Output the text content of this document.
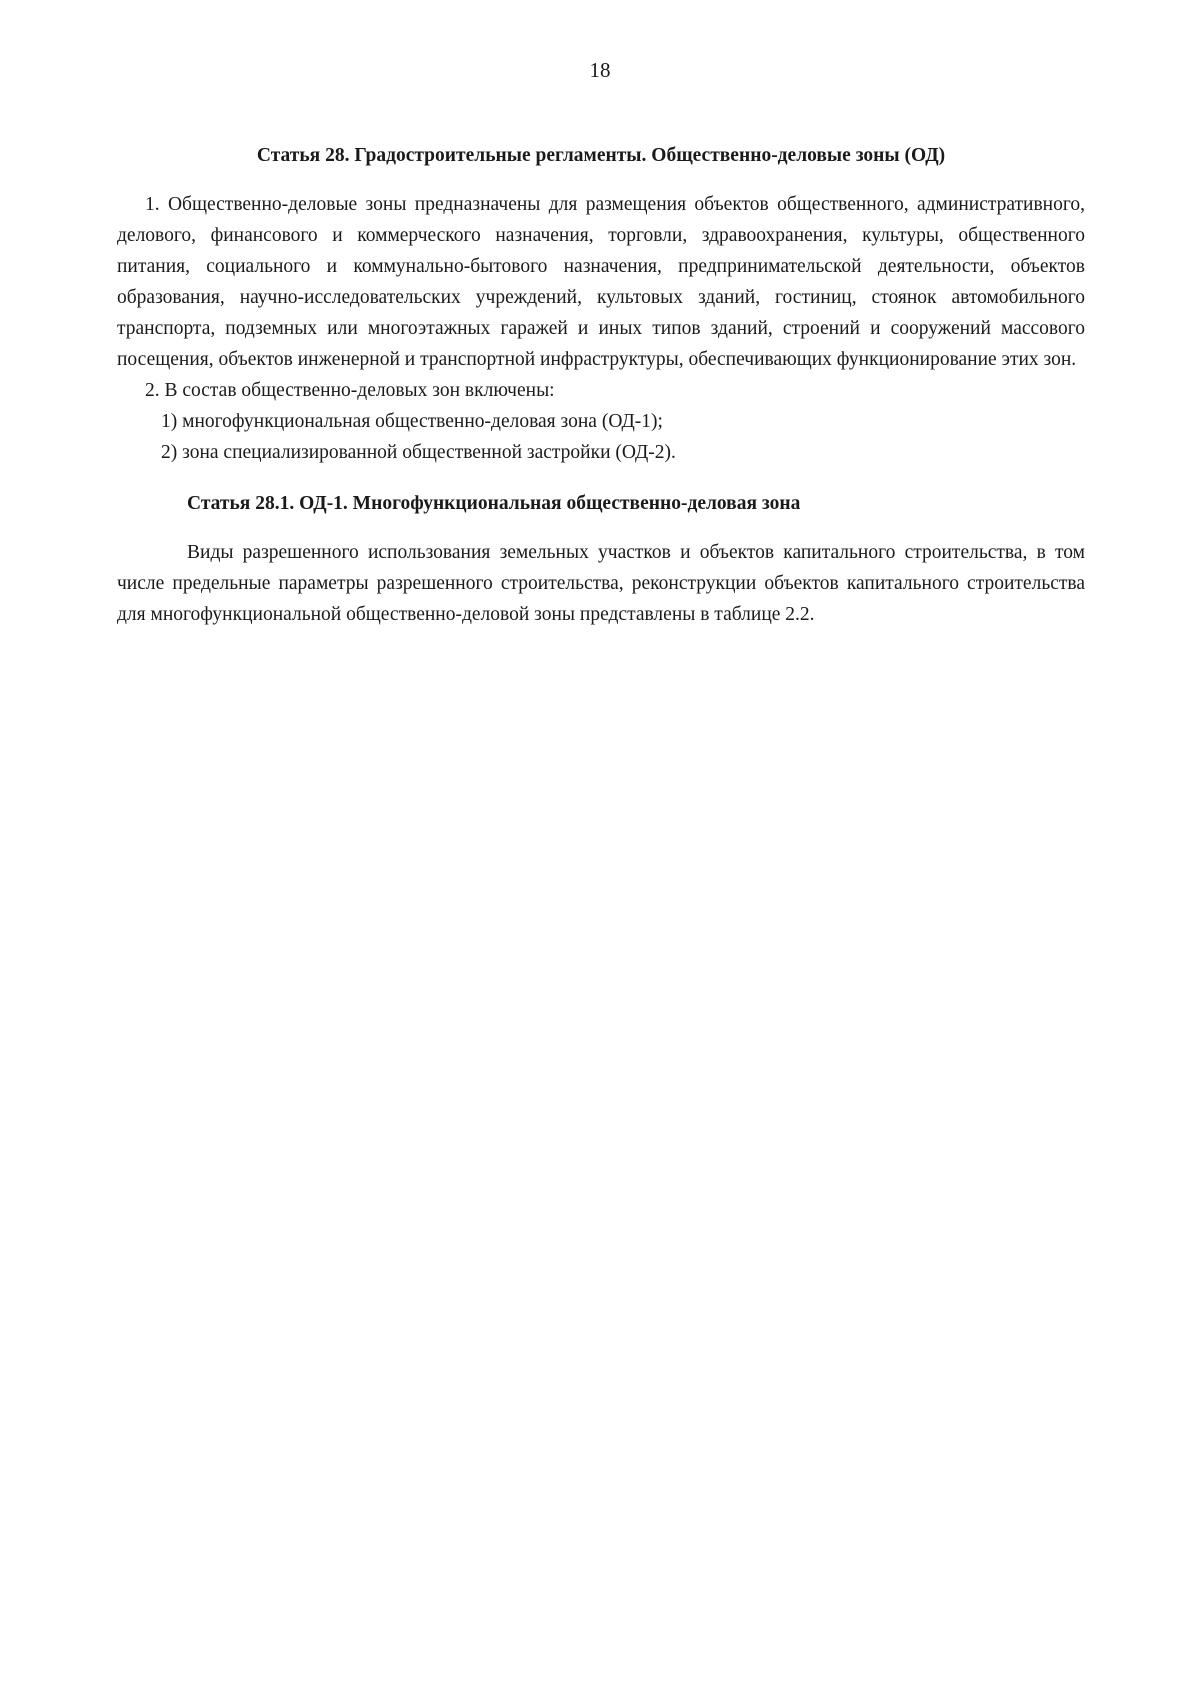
18
Статья 28. Градостроительные регламенты. Общественно-деловые зоны (ОД)

1. Общественно-деловые зоны предназначены для размещения объектов общественного, административного, делового, финансового и коммерческого назначения, торговли, здравоохранения, культуры, общественного питания, социального и коммунально-бытового назначения, предпринимательской деятельности, объектов образования, научно-исследовательских учреждений, культовых зданий, гостиниц, стоянок автомобильного транспорта, подземных или многоэтажных гаражей и иных типов зданий, строений и сооружений массового посещения, объектов инженерной и транспортной инфраструктуры, обеспечивающих функционирование этих зон.

2. В состав общественно-деловых зон включены:

1) многофункциональная общественно-деловая зона (ОД-1);

2) зона специализированной общественной застройки (ОД-2).

Статья 28.1. ОД-1. Многофункциональная общественно-деловая зона

Виды разрешенного использования земельных участков и объектов капитального строительства, в том числе предельные параметры разрешенного строительства, реконструкции объектов капитального строительства для многофункциональной общественно-деловой зоны представлены в таблице 2.2.
